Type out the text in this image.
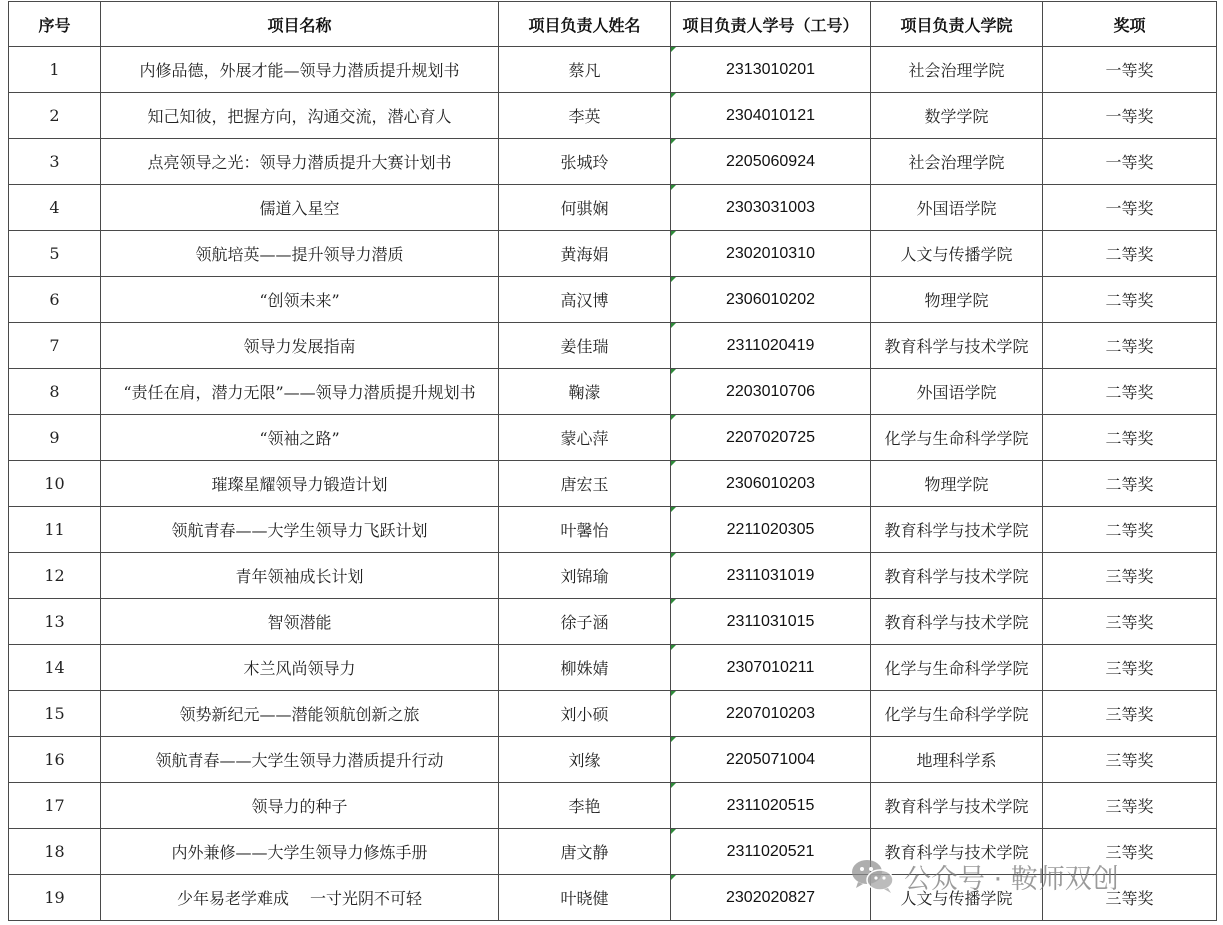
序号	项目名称	项目负责人姓名	项目负责人学号（工号）	项目负责人学院	奖项
1	内修品德，外展才能—领导力潜质提升规划书	蔡凡	2313010201	社会治理学院	一等奖
2	知己知彼，把握方向，沟通交流，潜心育人	李英	2304010121	数学学院	一等奖
3	点亮领导之光：领导力潜质提升大赛计划书	张城玲	2205060924	社会治理学院	一等奖
4	儒道入星空	何骐娴	2303031003	外国语学院	一等奖
5	领航培英——提升领导力潜质	黄海娟	2302010310	人文与传播学院	二等奖
6	“创领未来”	高汉博	2306010202	物理学院	二等奖
7	领导力发展指南	姜佳瑞	2311020419	教育科学与技术学院	二等奖
8	“责任在肩，潜力无限”——领导力潜质提升规划书	鞠濛	2203010706	外国语学院	二等奖
9	“领袖之路”	蒙心萍	2207020725	化学与生命科学学院	二等奖
10	璀璨星耀领导力锻造计划	唐宏玉	2306010203	物理学院	二等奖
11	领航青春——大学生领导力飞跃计划	叶馨怡	2211020305	教育科学与技术学院	二等奖
12	青年领袖成长计划	刘锦瑜	2311031019	教育科学与技术学院	三等奖
13	智领潜能	徐子涵	2311031015	教育科学与技术学院	三等奖
14	木兰风尚领导力	柳姝婧	2307010211	化学与生命科学学院	三等奖
15	领势新纪元——潜能领航创新之旅	刘小硕	2207010203	化学与生命科学学院	三等奖
16	领航青春——大学生领导力潜质提升行动	刘缘	2205071004	地理科学系	三等奖
17	领导力的种子	李艳	2311020515	教育科学与技术学院	三等奖
18	内外兼修——大学生领导力修炼手册	唐文静	2311020521	教育科学与技术学院	三等奖
19	少年易老学难成　 一寸光阴不可轻	叶晓健	2302020827	人文与传播学院	三等奖
公众号 · 鞍师双创
